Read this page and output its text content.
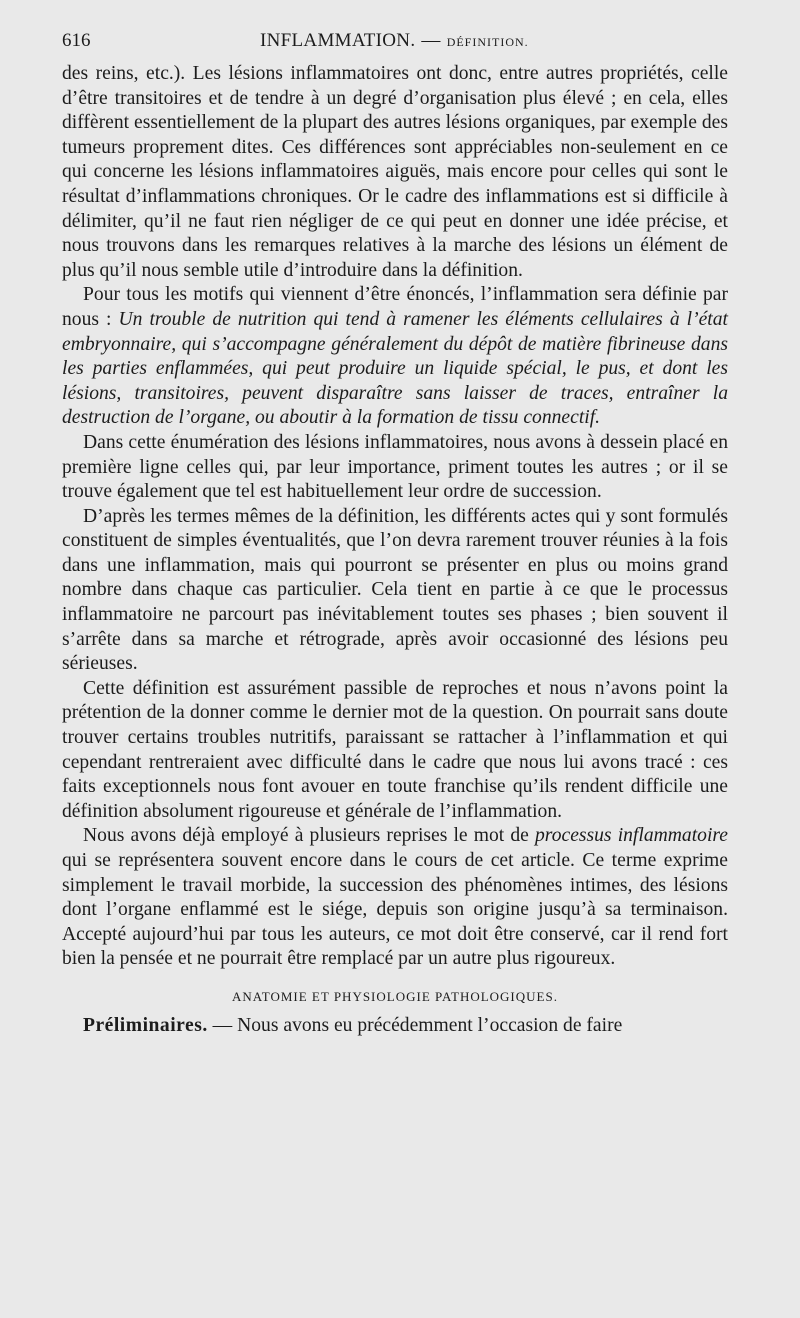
616	INFLAMMATION. — DÉFINITION.

des reins, etc.). Les lésions inflammatoires ont donc, entre autres propriétés, celle d’être transitoires et de tendre à un degré d’organisation plus élevé ; en cela, elles diffèrent essentiellement de la plupart des autres lésions organiques, par exemple des tumeurs proprement dites. Ces différences sont appréciables non-seulement en ce qui concerne les lésions inflammatoires aiguës, mais encore pour celles qui sont le résultat d’inflammations chroniques. Or le cadre des inflammations est si difficile à délimiter, qu’il ne faut rien négliger de ce qui peut en donner une idée précise, et nous trouvons dans les remarques relatives à la marche des lésions un élément de plus qu’il nous semble utile d’introduire dans la définition.

Pour tous les motifs qui viennent d’être énoncés, l’inflammation sera définie par nous : Un trouble de nutrition qui tend à ramener les éléments cellulaires à l’état embryonnaire, qui s’accompagne généralement du dépôt de matière fibrineuse dans les parties enflammées, qui peut produire un liquide spécial, le pus, et dont les lésions, transitoires, peuvent disparaître sans laisser de traces, entraîner la destruction de l’organe, ou aboutir à la formation de tissu connectif.

Dans cette énumération des lésions inflammatoires, nous avons à dessein placé en première ligne celles qui, par leur importance, priment toutes les autres ; or il se trouve également que tel est habituellement leur ordre de succession.

D’après les termes mêmes de la définition, les différents actes qui y sont formulés constituent de simples éventualités, que l’on devra rarement trouver réunies à la fois dans une inflammation, mais qui pourront se présenter en plus ou moins grand nombre dans chaque cas particulier. Cela tient en partie à ce que le processus inflammatoire ne parcourt pas inévitablement toutes ses phases ; bien souvent il s’arrête dans sa marche et rétrograde, après avoir occasionné des lésions peu sérieuses.

Cette définition est assurément passible de reproches et nous n’avons point la prétention de la donner comme le dernier mot de la question. On pourrait sans doute trouver certains troubles nutritifs, paraissant se rattacher à l’inflammation et qui cependant rentreraient avec difficulté dans le cadre que nous lui avons tracé : ces faits exceptionnels nous font avouer en toute franchise qu’ils rendent difficile une définition absolument rigoureuse et générale de l’inflammation.

Nous avons déjà employé à plusieurs reprises le mot de processus inflammatoire qui se représentera souvent encore dans le cours de cet article. Ce terme exprime simplement le travail morbide, la succession des phénomènes intimes, des lésions dont l’organe enflammé est le siége, depuis son origine jusqu’à sa terminaison. Accepté aujourd’hui par tous les auteurs, ce mot doit être conservé, car il rend fort bien la pensée et ne pourrait être remplacé par un autre plus rigoureux.

ANATOMIE ET PHYSIOLOGIE PATHOLOGIQUES.

Préliminaires. — Nous avons eu précédemment l’occasion de faire
